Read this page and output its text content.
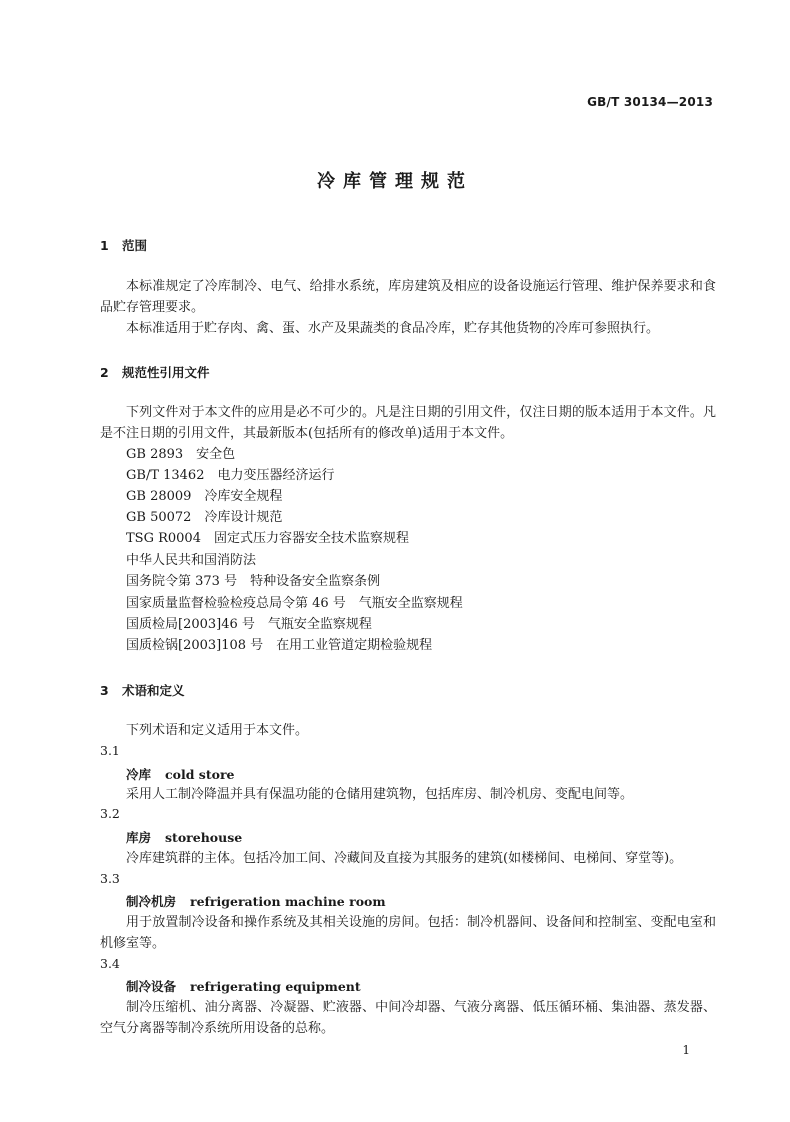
GB/T 30134—2013
冷库管理规范
1 范围
本标准规定了冷库制冷、电气、给排水系统，库房建筑及相应的设备设施运行管理、维护保养要求和食品贮存管理要求。
本标准适用于贮存肉、禽、蛋、水产及果蔬类的食品冷库，贮存其他货物的冷库可参照执行。
2 规范性引用文件
下列文件对于本文件的应用是必不可少的。凡是注日期的引用文件，仅注日期的版本适用于本文件。凡是不注日期的引用文件，其最新版本(包括所有的修改单)适用于本文件。
GB 2893　安全色
GB/T 13462　电力变压器经济运行
GB 28009　冷库安全规程
GB 50072　冷库设计规范
TSG R0004　固定式压力容器安全技术监察规程
中华人民共和国消防法
国务院令第 373 号　特种设备安全监察条例
国家质量监督检验检疫总局令第 46 号　气瓶安全监察规程
国质检局[2003]46 号　气瓶安全监察规程
国质检锅[2003]108 号　在用工业管道定期检验规程
3 术语和定义
下列术语和定义适用于本文件。
3.1
冷库 cold store
采用人工制冷降温并具有保温功能的仓储用建筑物，包括库房、制冷机房、变配电间等。
3.2
库房 storehouse
冷库建筑群的主体。包括冷加工间、冷藏间及直接为其服务的建筑(如楼梯间、电梯间、穿堂等)。
3.3
制冷机房 refrigeration machine room
用于放置制冷设备和操作系统及其相关设施的房间。包括：制冷机器间、设备间和控制室、变配电室和机修室等。
3.4
制冷设备 refrigerating equipment
制冷压缩机、油分离器、冷凝器、贮液器、中间冷却器、气液分离器、低压循环桶、集油器、蒸发器、空气分离器等制冷系统所用设备的总称。
1
